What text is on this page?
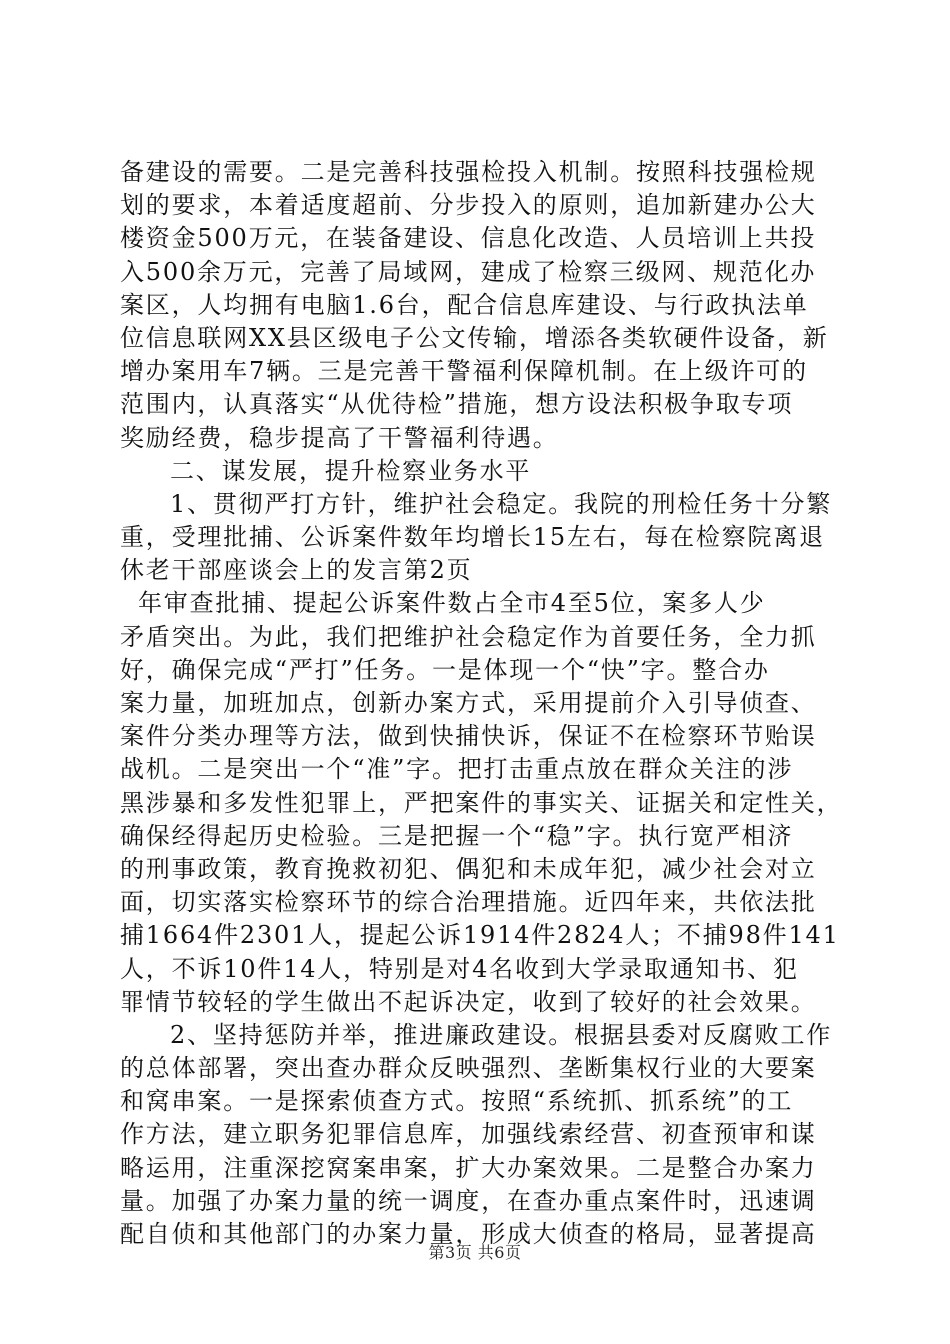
备建设的需要。二是完善科技强检投入机制。按照科技强检规
划的要求，本着适度超前、分步投入的原则，追加新建办公大
楼资金500万元，在装备建设、信息化改造、人员培训上共投
入500余万元，完善了局域网，建成了检察三级网、规范化办
案区，人均拥有电脑1.6台，配合信息库建设、与行政执法单
位信息联网XX县区级电子公文传输，增添各类软硬件设备，新
增办案用车7辆。三是完善干警福利保障机制。在上级许可的
范围内，认真落实“从优待检”措施，想方设法积极争取专项
奖励经费，稳步提高了干警福利待遇。
二、谋发展，提升检察业务水平
1、贯彻严打方针，维护社会稳定。我院的刑检任务十分繁
重，受理批捕、公诉案件数年均增长15左右，每在检察院离退
休老干部座谈会上的发言第2页
年审查批捕、提起公诉案件数占全市4至5位，案多人少
矛盾突出。为此，我们把维护社会稳定作为首要任务，全力抓
好，确保完成“严打”任务。一是体现一个“快”字。整合办
案力量，加班加点，创新办案方式，采用提前介入引导侦查、
案件分类办理等方法，做到快捕快诉，保证不在检察环节贻误
战机。二是突出一个“准”字。把打击重点放在群众关注的涉
黑涉暴和多发性犯罪上，严把案件的事实关、证据关和定性关，
确保经得起历史检验。三是把握一个“稳”字。执行宽严相济
的刑事政策，教育挽救初犯、偶犯和未成年犯，减少社会对立
面，切实落实检察环节的综合治理措施。近四年来，共依法批
捕1664件2301人，提起公诉1914件2824人；不捕98件141
人，不诉10件14人，特别是对4名收到大学录取通知书、犯
罪情节较轻的学生做出不起诉决定，收到了较好的社会效果。
2、坚持惩防并举，推进廉政建设。根据县委对反腐败工作
的总体部署，突出查办群众反映强烈、垄断集权行业的大要案
和窝串案。一是探索侦查方式。按照“系统抓、抓系统”的工
作方法，建立职务犯罪信息库，加强线索经营、初查预审和谋
略运用，注重深挖窝案串案，扩大办案效果。二是整合办案力
量。加强了办案力量的统一调度，在查办重点案件时，迅速调
配自侦和其他部门的办案力量，形成大侦查的格局，显著提高
第3页 共6页
